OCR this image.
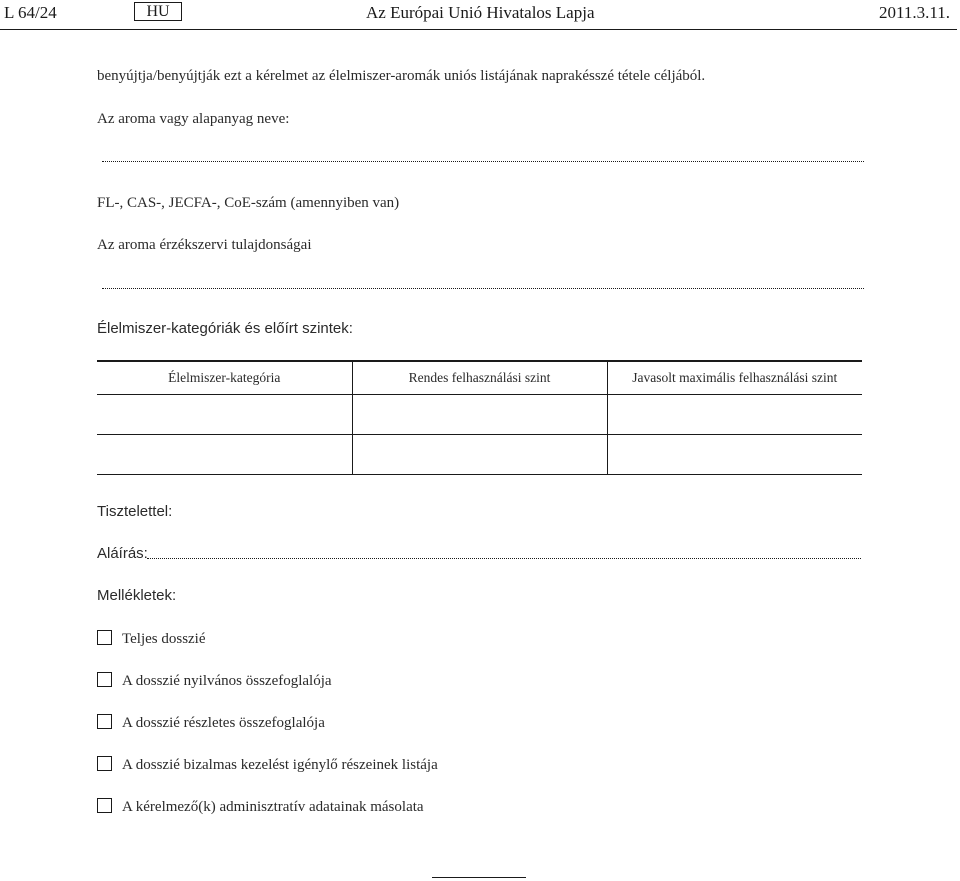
L 64/24	HU	Az Európai Unió Hivatalos Lapja	2011.3.11.
benyújtja/benyújtják ezt a kérelmet az élelmiszer-aromák uniós listájának naprakésszé tétele céljából.
Az aroma vagy alapanyag neve:
FL-, CAS-, JECFA-, CoE-szám (amennyiben van)
Az aroma érzékszervi tulajdonságai
Élelmiszer-kategóriák és előírt szintek:
Élelmiszer-kategória	Rendes felhasználási szint	Javasolt maximális felhasználási szint

Tisztelettel:
Aláírás:
Mellékletek:
Teljes dosszié
A dosszié nyilvános összefoglalója
A dosszié részletes összefoglalója
A dosszié bizalmas kezelést igénylő részeinek listája
A kérelmező(k) adminisztratív adatainak másolata
